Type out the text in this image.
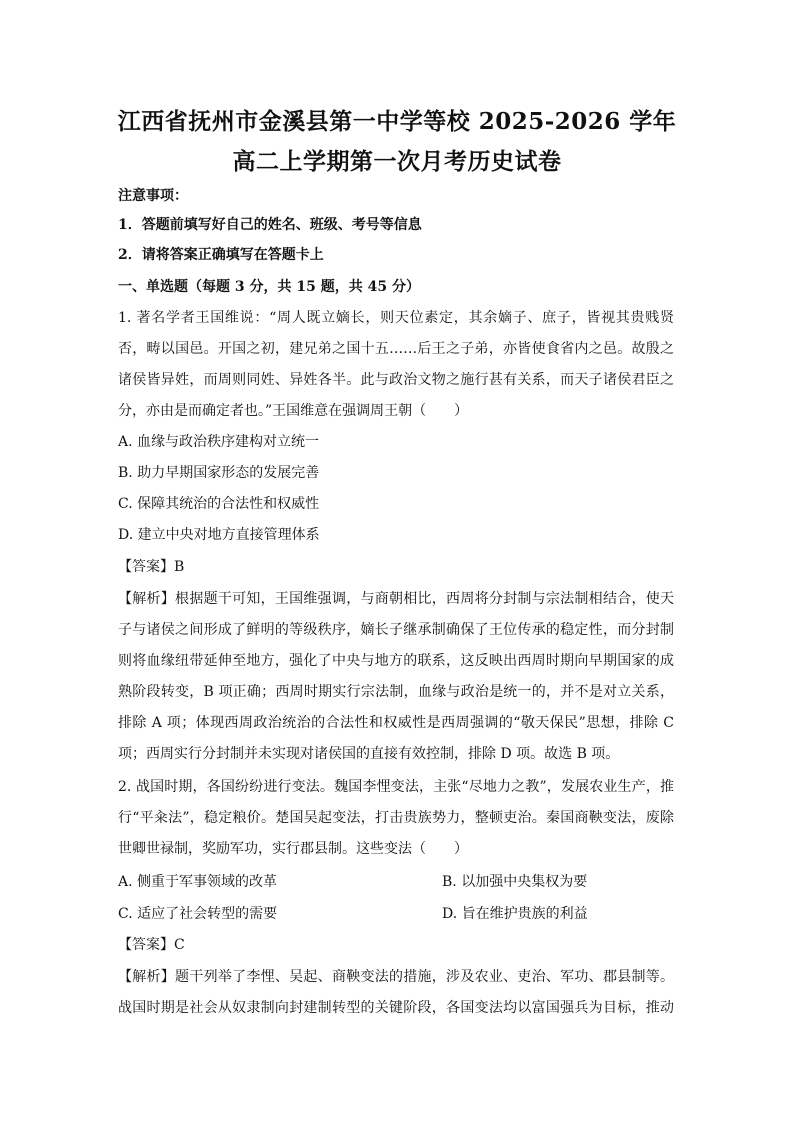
江西省抚州市金溪县第一中学等校 2025-2026 学年
高二上学期第一次月考历史试卷
注意事项：
1．答题前填写好自己的姓名、班级、考号等信息
2．请将答案正确填写在答题卡上
一、单选题（每题 3 分，共 15 题，共 45 分）
1. 著名学者王国维说：“周人既立嫡长，则天位素定，其余嫡子、庶子，皆视其贵贱贤
否，畴以国邑。开国之初，建兄弟之国十五……后王之子弟，亦皆使食省内之邑。故殷之
诸侯皆异姓，而周则同姓、异姓各半。此与政治文物之施行甚有关系，而天子诸侯君臣之
分，亦由是而确定者也。”王国维意在强调周王朝（　　）
A. 血缘与政治秩序建构对立统一
B. 助力早期国家形态的发展完善
C. 保障其统治的合法性和权威性
D. 建立中央对地方直接管理体系
【答案】B
【解析】根据题干可知，王国维强调，与商朝相比，西周将分封制与宗法制相结合，使天
子与诸侯之间形成了鲜明的等级秩序，嫡长子继承制确保了王位传承的稳定性，而分封制
则将血缘纽带延伸至地方，强化了中央与地方的联系，这反映出西周时期向早期国家的成
熟阶段转变，B 项正确；西周时期实行宗法制，血缘与政治是统一的，并不是对立关系，
排除 A 项；体现西周政治统治的合法性和权威性是西周强调的“敬天保民”思想，排除 C
项；西周实行分封制并未实现对诸侯国的直接有效控制，排除 D 项。故选 B 项。
2. 战国时期，各国纷纷进行变法。魏国李悝变法，主张“尽地力之教”，发展农业生产，推
行“平籴法”，稳定粮价。楚国吴起变法，打击贵族势力，整顿吏治。秦国商鞅变法，废除
世卿世禄制，奖励军功，实行郡县制。这些变法（　　）
A. 侧重于军事领域的改革	B. 以加强中央集权为要
C. 适应了社会转型的需要	D. 旨在维护贵族的利益
【答案】C
【解析】题干列举了李悝、吴起、商鞅变法的措施，涉及农业、吏治、军功、郡县制等。
战国时期是社会从奴隶制向封建制转型的关键阶段，各国变法均以富国强兵为目标，推动
